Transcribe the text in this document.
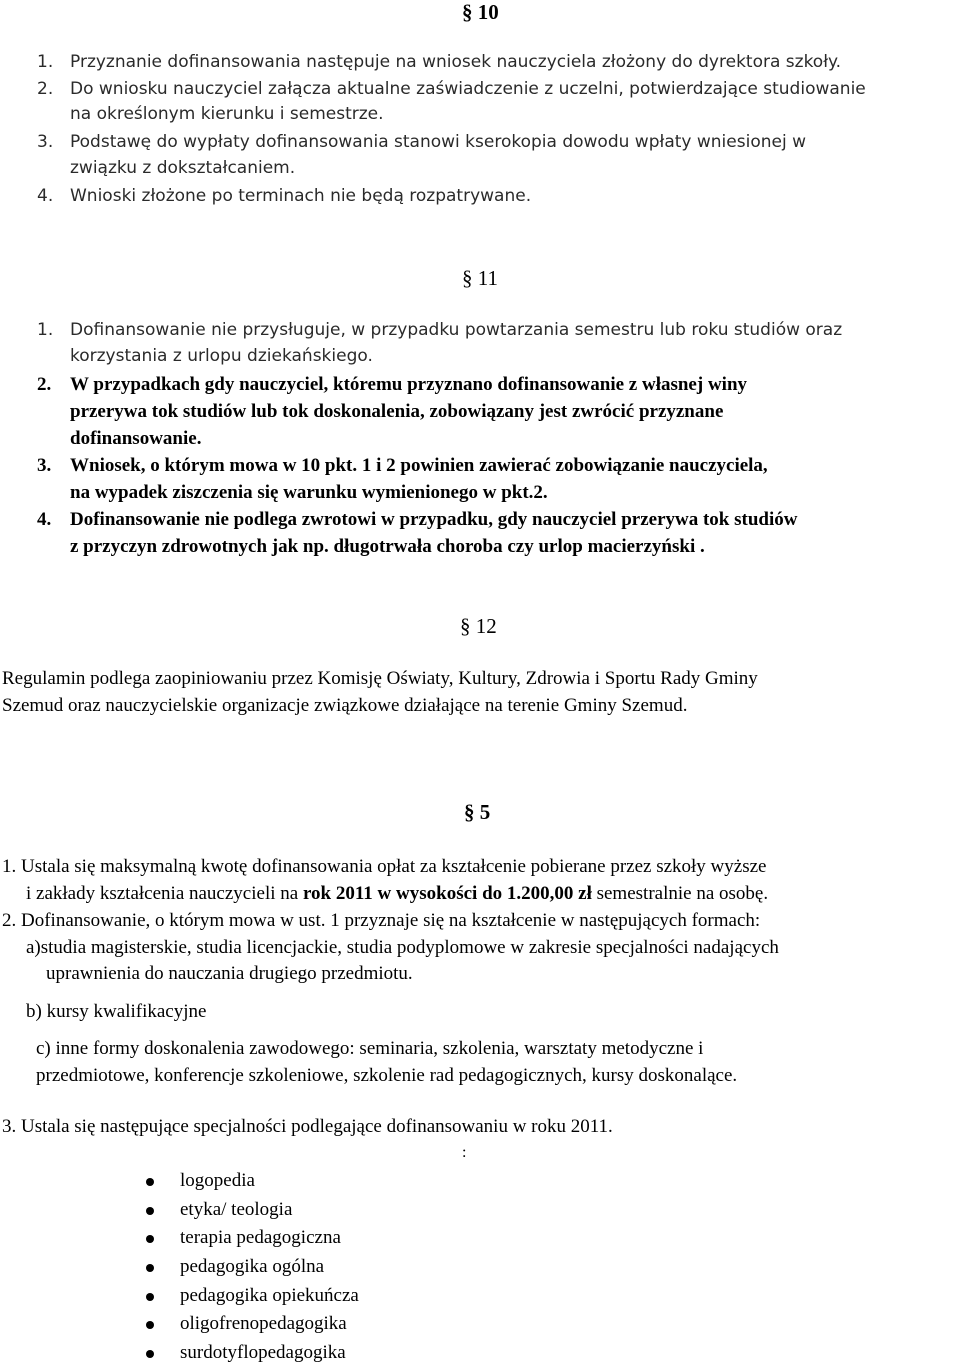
§ 10
1. Przyznanie dofinansowania następuje na wniosek nauczyciela złożony do dyrektora szkoły.
2. Do wniosku nauczyciel załącza aktualne zaświadczenie z uczelni, potwierdzające studiowanie
na określonym kierunku i semestrze.
3. Podstawę do wypłaty dofinansowania stanowi kserokopia dowodu wpłaty wniesionej w
związku z dokształcaniem.
4. Wnioski złożone po terminach nie będą rozpatrywane.
§ 11
1. Dofinansowanie nie przysługuje, w przypadku powtarzania semestru lub roku studiów oraz
korzystania z urlopu dziekańskiego.
2. W przypadkach gdy nauczyciel, któremu przyznano dofinansowanie z własnej winy
przerywa tok studiów lub tok doskonalenia, zobowiązany jest zwrócić przyznane
dofinansowanie.
3. Wniosek, o którym mowa w 10 pkt. 1 i 2 powinien zawierać zobowiązanie nauczyciela,
na wypadek ziszczenia się warunku wymienionego w pkt.2.
4. Dofinansowanie nie podlega zwrotowi w przypadku, gdy nauczyciel przerywa tok studiów
z przyczyn zdrowotnych jak np. długotrwała choroba czy urlop macierzyński .
§ 12
Regulamin podlega zaopiniowaniu przez Komisję Oświaty, Kultury, Zdrowia i Sportu Rady Gminy
Szemud oraz nauczycielskie organizacje związkowe działające na terenie Gminy Szemud.
§ 5
1. Ustala się maksymalną kwotę dofinansowania opłat za kształcenie pobierane przez szkoły wyższe
i zakłady kształcenia nauczycieli na rok 2011 w wysokości do 1.200,00 zł semestralnie na osobę.
2. Dofinansowanie, o którym mowa w ust. 1 przyznaje się na kształcenie w następujących formach:
a)studia magisterskie, studia licencjackie, studia podyplomowe w zakresie specjalności nadających
uprawnienia do nauczania drugiego przedmiotu.
b) kursy kwalifikacyjne
c) inne formy doskonalenia zawodowego: seminaria, szkolenia, warsztaty metodyczne i
przedmiotowe, konferencje szkoleniowe, szkolenie rad pedagogicznych, kursy doskonalące.
3. Ustala się następujące specjalności podlegające dofinansowaniu w roku 2011.
:
logopedia
etyka/ teologia
terapia pedagogiczna
pedagogika ogólna
pedagogika opiekuńcza
oligofrenopedagogika
surdotyflopedagogika
